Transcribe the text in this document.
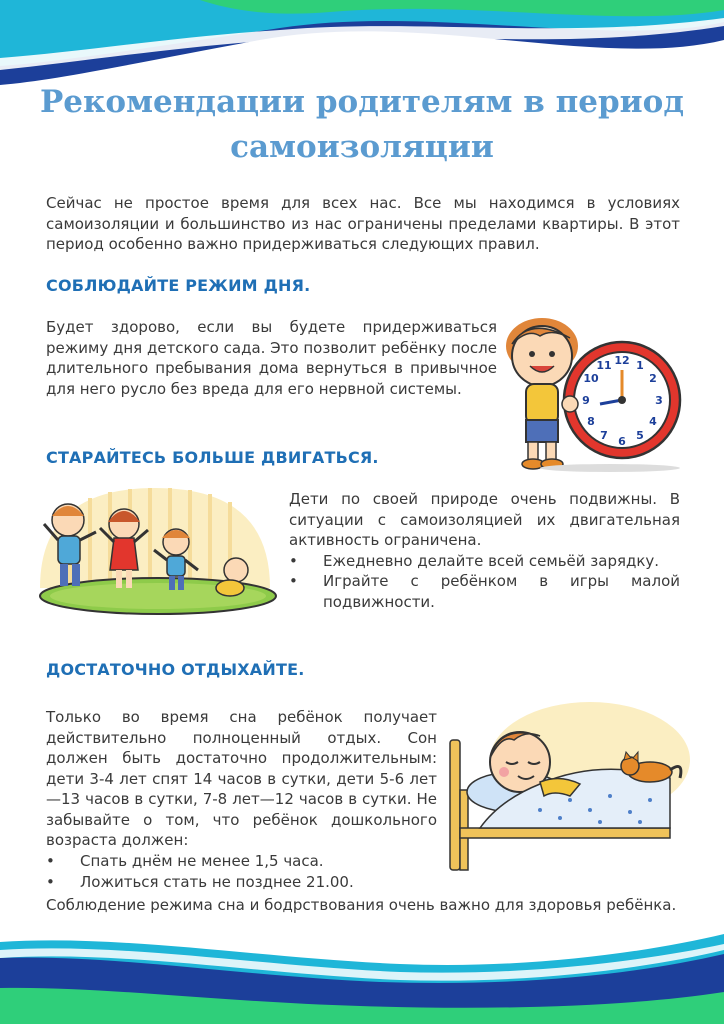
Рекомендации родителям в период самоизоляции

Сейчас не простое время для всех нас. Все мы находимся в условиях самоизоляции и большинство из нас ограничены пределами квартиры. В этот период особенно важно придерживаться следующих правил.

СОБЛЮДАЙТЕ РЕЖИМ ДНЯ.

Будет здорово, если вы будете придерживаться режиму дня детского сада. Это позволит ребёнку после длительного пребывания дома вернуться в привычное для него русло без вреда для его нервной системы.

12 1
2
3
4
5
6
7
8
9
10
11
СТАРАЙТЕСЬ БОЛЬШЕ ДВИГАТЬСЯ.
Дети по своей природе очень подвижны. В ситуации с самоизоляцией их двигательная активность ограничена.
•	Ежедневно делайте всей семьёй зарядку.
•	Играйте с ребёнком в игры малой подвижности.
ДОСТАТОЧНО ОТДЫХАЙТЕ.

Только во время сна ребёнок получает действительно полноценный отдых. Сон должен быть достаточно продолжительным: дети 3-4 лет спят 14 часов в сутки, дети 5-6 лет—13 часов в сутки, 7-8 лет—12 часов в сутки. Не забывайте о том, что ребёнок дошкольного возраста должен:

•	Спать днём не менее 1,5 часа.
•	Ложиться стать не позднее 21.00.

Соблюдение режима сна и бодрствования очень важно для здоровья ребёнка.
